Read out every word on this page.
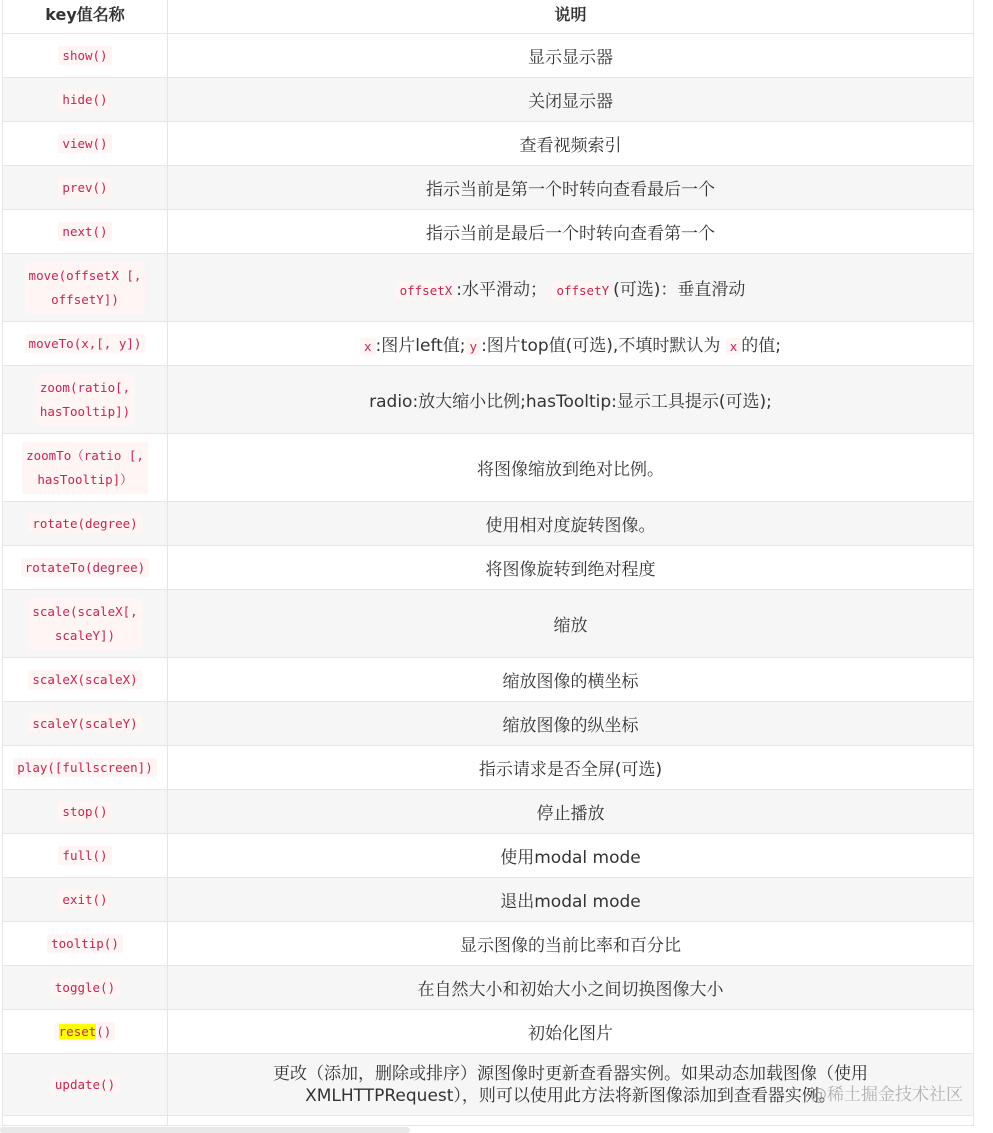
key值名称	说明
show()	显示显示器
hide()	关闭显示器
view()	查看视频索引
prev()	指示当前是第一个时转向查看最后一个
next()	指示当前是最后一个时转向查看第一个
move(offsetX [,
offsetY])	offsetX :水平滑动； offsetY (可选)：垂直滑动
moveTo(x,[, y])	x :图片left值; y :图片top值(可选),不填时默认为 x 的值;
zoom(ratio[,
hasTooltip])	radio:放大缩小比例;hasTooltip:显示工具提示(可选);
zoomTo（ratio [,
hasTooltip]）	将图像缩放到绝对比例。
rotate(degree)	使用相对度旋转图像。
rotateTo(degree)	将图像旋转到绝对程度
scale(scaleX[,
scaleY])	缩放
scaleX(scaleX)	缩放图像的横坐标
scaleY(scaleY)	缩放图像的纵坐标
play([fullscreen])	指示请求是否全屏(可选)
stop()	停止播放
full()	使用modal mode
exit()	退出modal mode
tooltip()	显示图像的当前比率和百分比
toggle()	在自然大小和初始大小之间切换图像大小
reset()	初始化图片
update()	更改（添加，删除或排序）源图像时更新查看器实例。如果动态加载图像（使用
XMLHTTPRequest），则可以使用此方法将新图像添加到查看器实例。

@稀土掘金技术社区
